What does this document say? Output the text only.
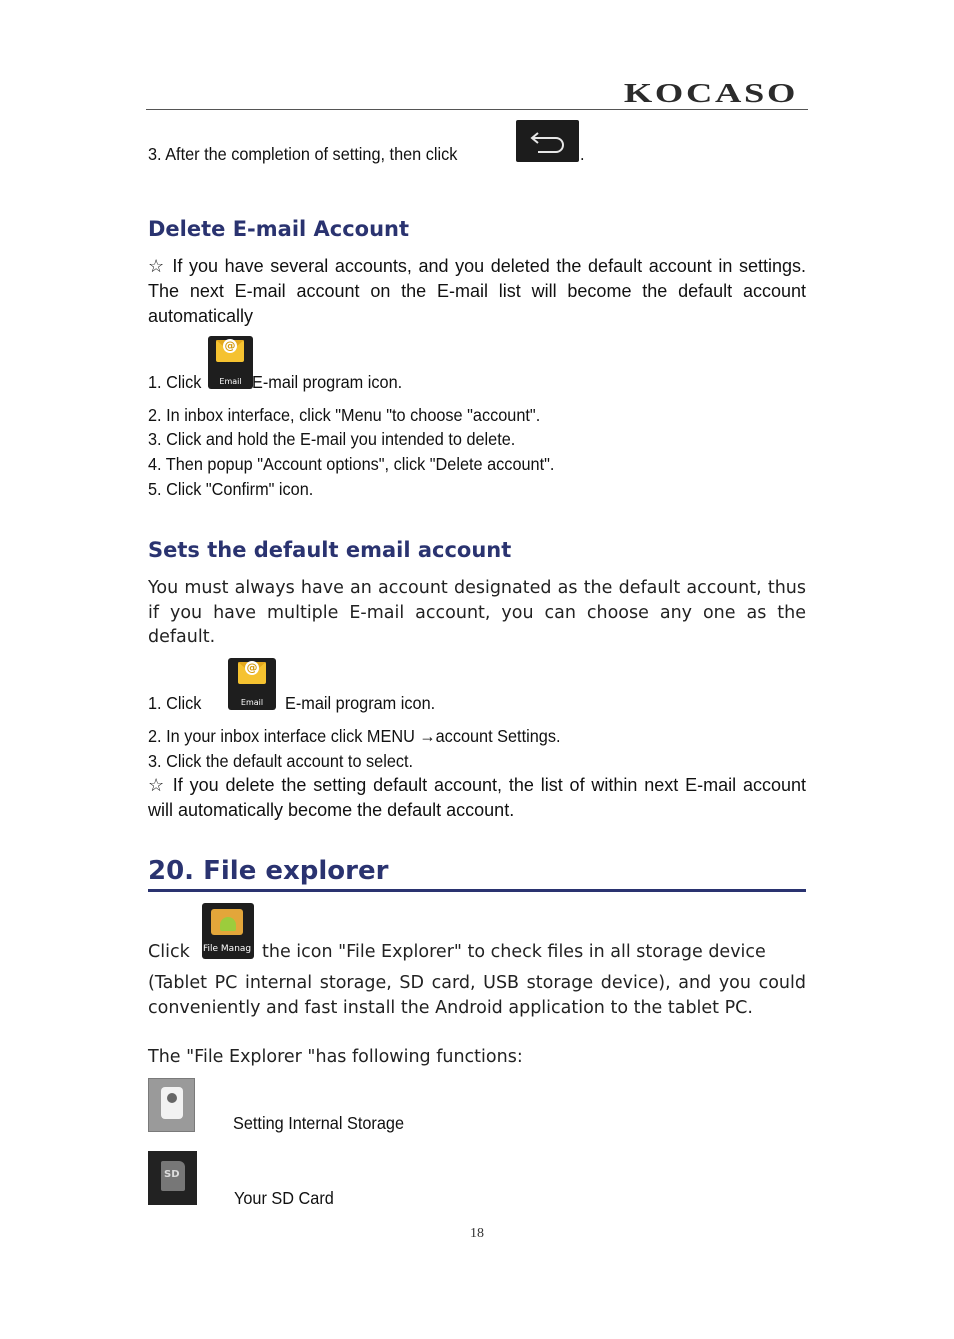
KOCASO
3. After the completion of setting, then click	.
Delete E-mail Account
☆ If you have several accounts, and you deleted the default account in settings. The next E-mail account on the E-mail list will become the default account automatically
1. Click
@
Email E-mail program icon.
2. In inbox interface, click "Menu "to choose "account".
3. Click and hold the E-mail you intended to delete.
4. Then popup "Account options", click "Delete account".
5. Click "Confirm" icon.
Sets the default email account
You must always have an account designated as the default account, thus if you have multiple E-mail account, you can choose any one as the default.
1. Click
@
Email	E-mail program icon.
2. In your inbox interface click MENU →account Settings.
3. Click the default account to select.
☆ If you delete the setting default account, the list of within next E-mail account will automatically become the default account.
20. File explorer
Click File Manag the icon "File Explorer" to check files in all storage device
(Tablet PC internal storage, SD card, USB storage device), and you could conveniently and fast install the Android application to the tablet PC.
The "File Explorer "has following functions:
Setting Internal Storage
SD
Your SD Card
18
